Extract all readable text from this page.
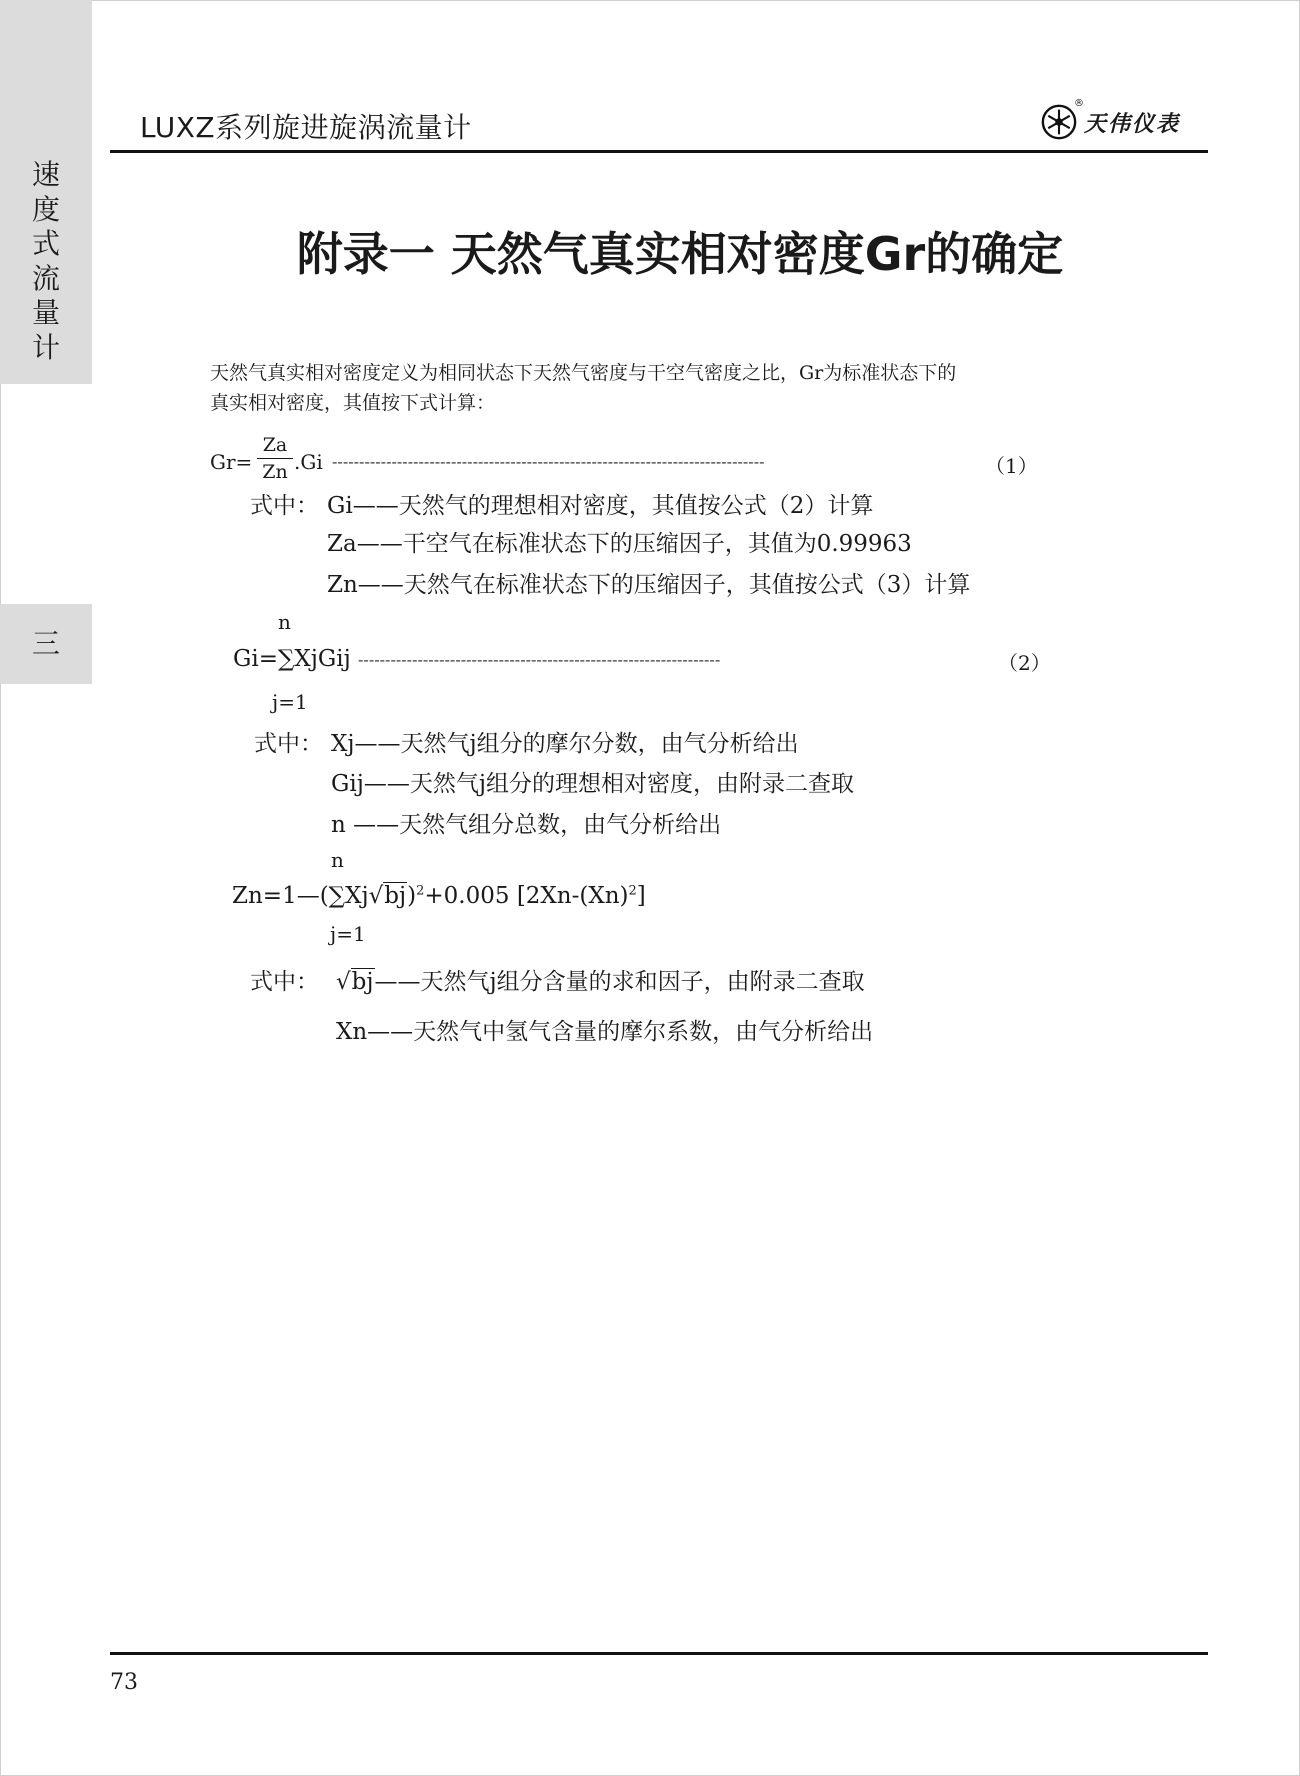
速
度
式
流
量
计
三
LUXZ系列旋进旋涡流量计
®
天伟仪表
附录一 天然气真实相对密度Gr的确定
天然气真实相对密度定义为相同状态下天然气密度与干空气密度之比，Gr为标准状态下的
真实相对密度，其值按下式计算：
Gr=
Za
Zn .Gi --------------------------------------------------------------------------------	（1）
式中： Gi——天然气的理想相对密度，其值按公式（2）计算
Za——干空气在标准状态下的压缩因子，其值为0.99963
Zn——天然气在标准状态下的压缩因子，其值按公式（3）计算
n
Gi=∑XjGij -------------------------------------------------------------------	（2）
j=1
式中： Xj——天然气j组分的摩尔分数，由气分析给出
Gij——天然气j组分的理想相对密度，由附录二查取
n ——天然气组分总数，由气分析给出
n
$Zn=1—(\sum Xj√bj)^2+0.005$ $[2Xn-(Xn)^2]$
j=1
式中： √bj——天然气j组分含量的求和因子，由附录二查取
Xn——天然气中氢气含量的摩尔系数，由气分析给出
73
